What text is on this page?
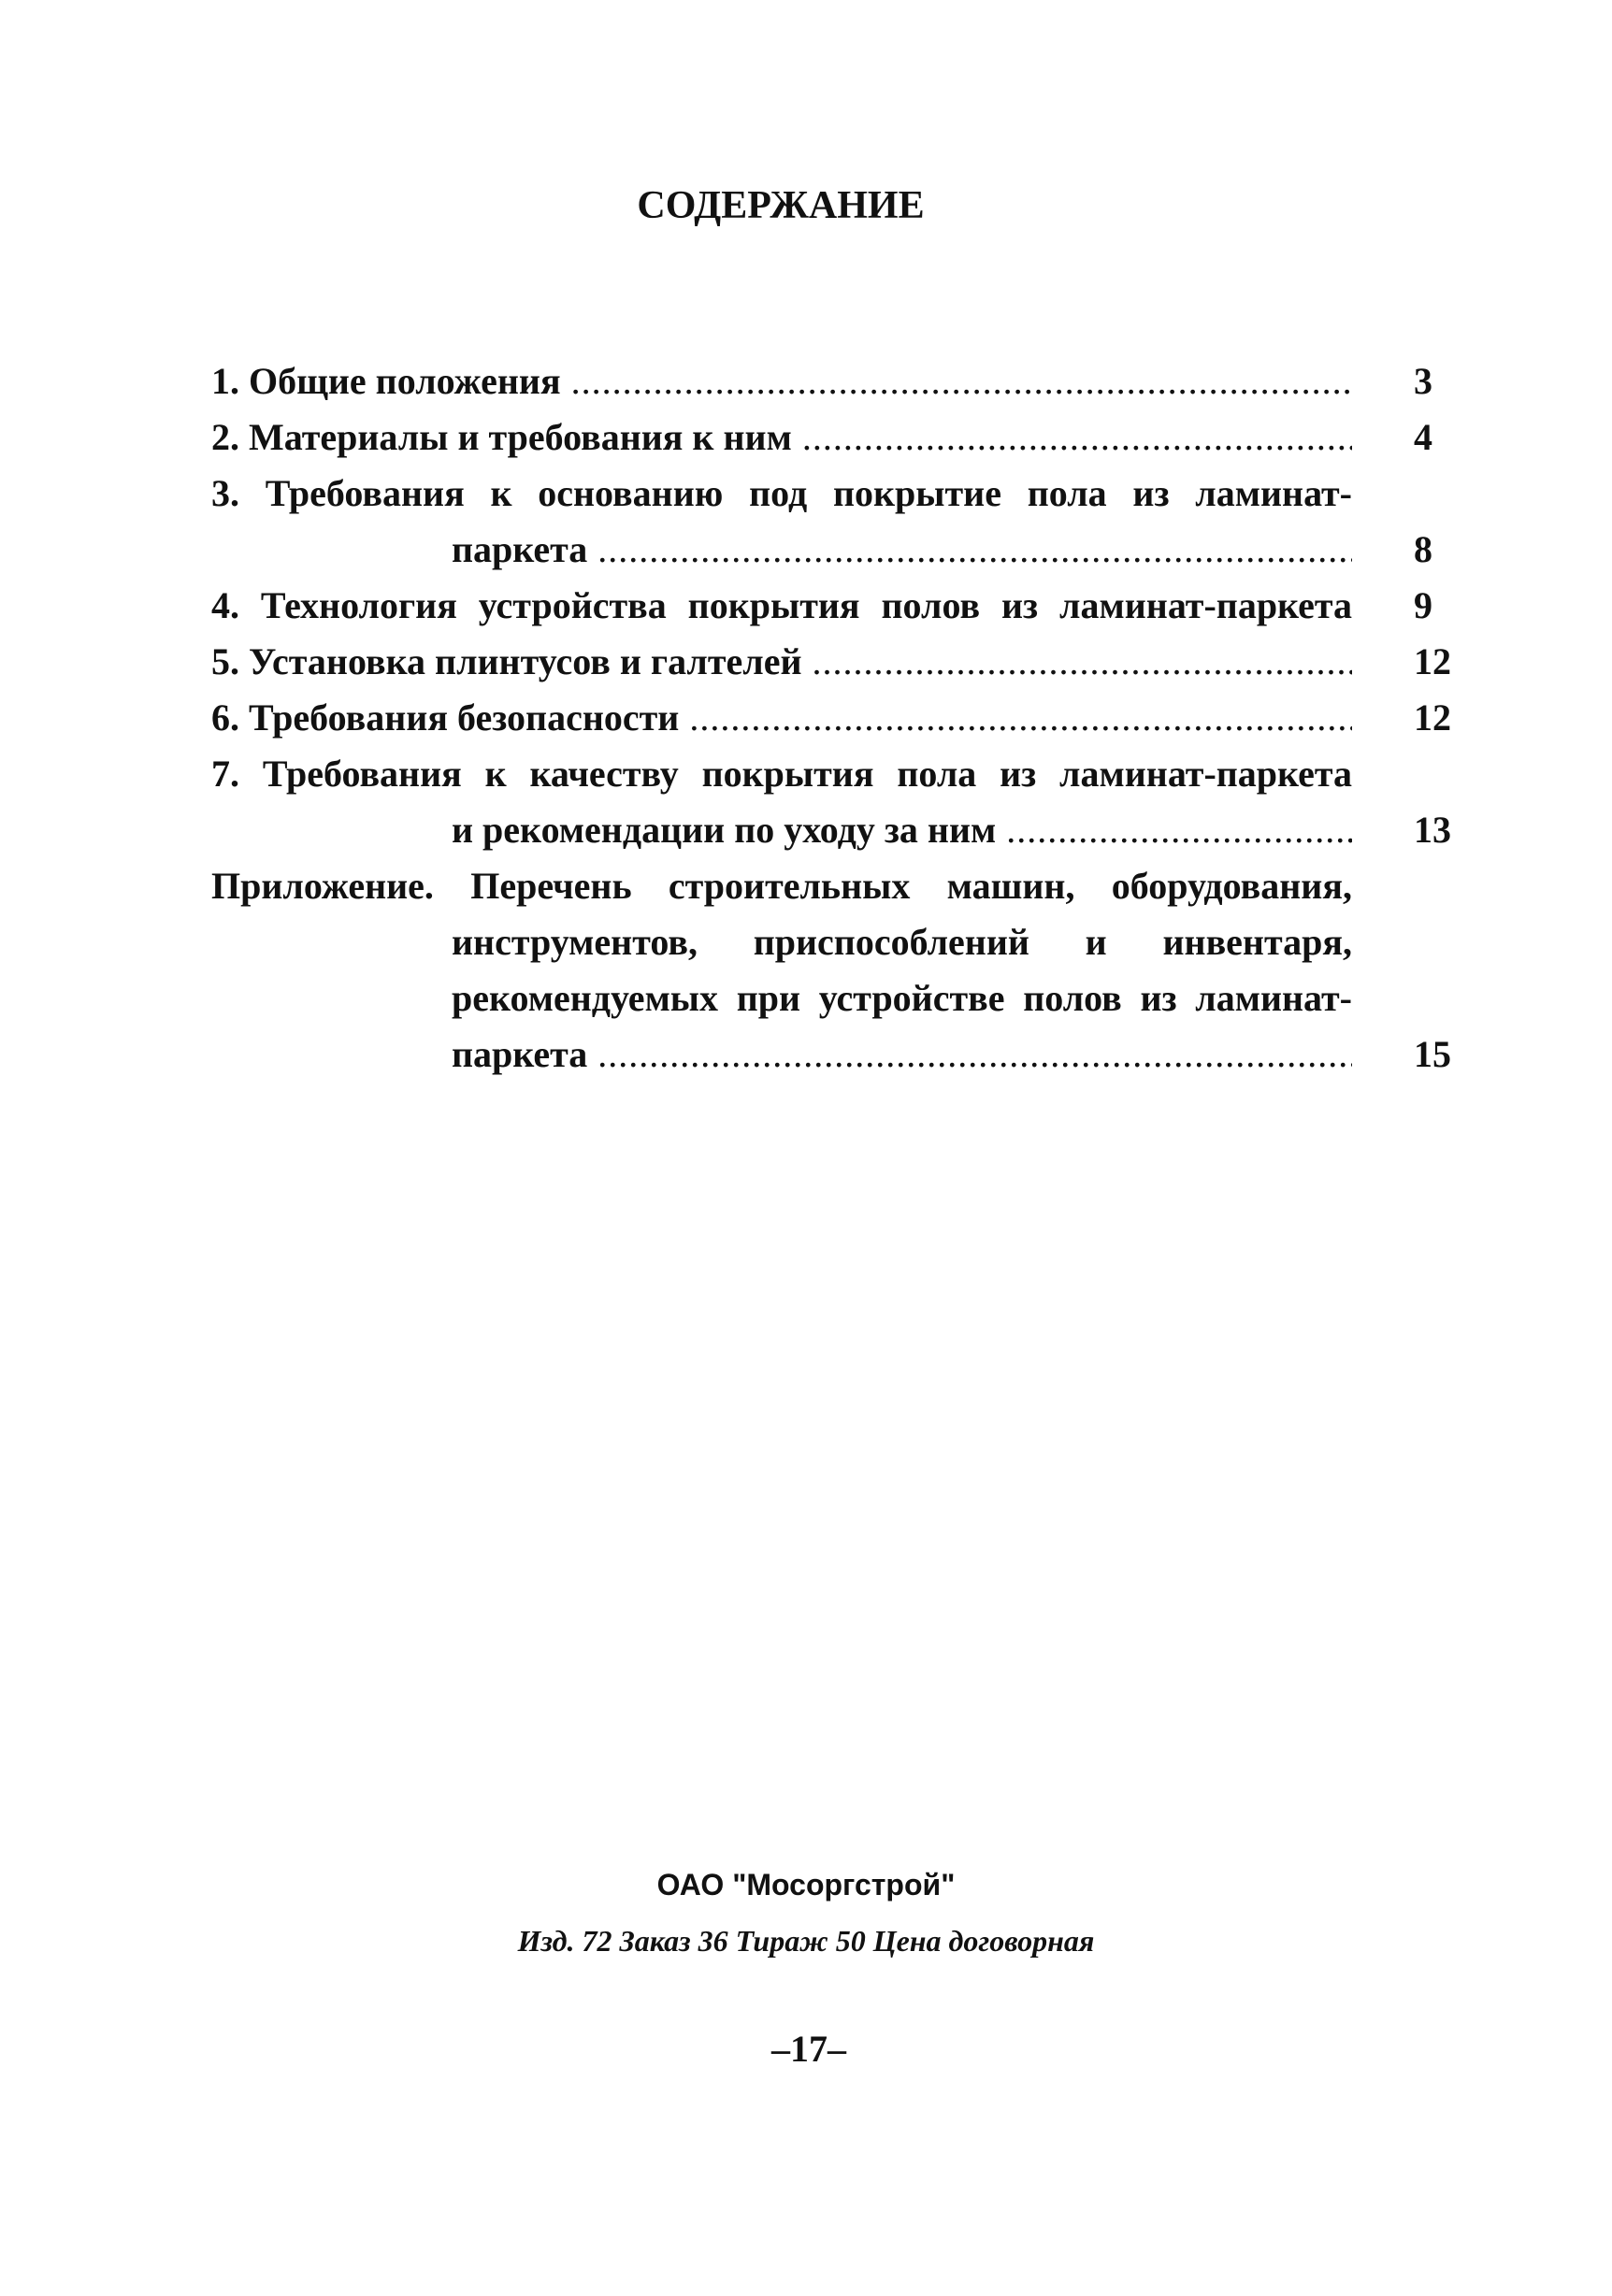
СОДЕРЖАНИЕ
1. Общие положения .....	3
2. Материалы и требования к ним .....	4
3. Требования к основанию под покрытие пола из ламинат-
паркета .....	8
4. Технология устройства покрытия полов из ламинат-паркета 9
5. Установка плинтусов и галтелей .....	12
6. Требования безопасности .....	12
7. Требования к качеству покрытия пола из ламинат-паркета
и рекомендации по уходу за ним .....	13
Приложение. Перечень строительных машин, оборудования,
инструментов, приспособлений и инвентаря,
рекомендуемых при устройстве полов из ламинат-
паркета .....	15
ОАО "Мосоргстрой"
Изд. 72 Заказ 36 Тираж 50 Цена договорная
–17–
